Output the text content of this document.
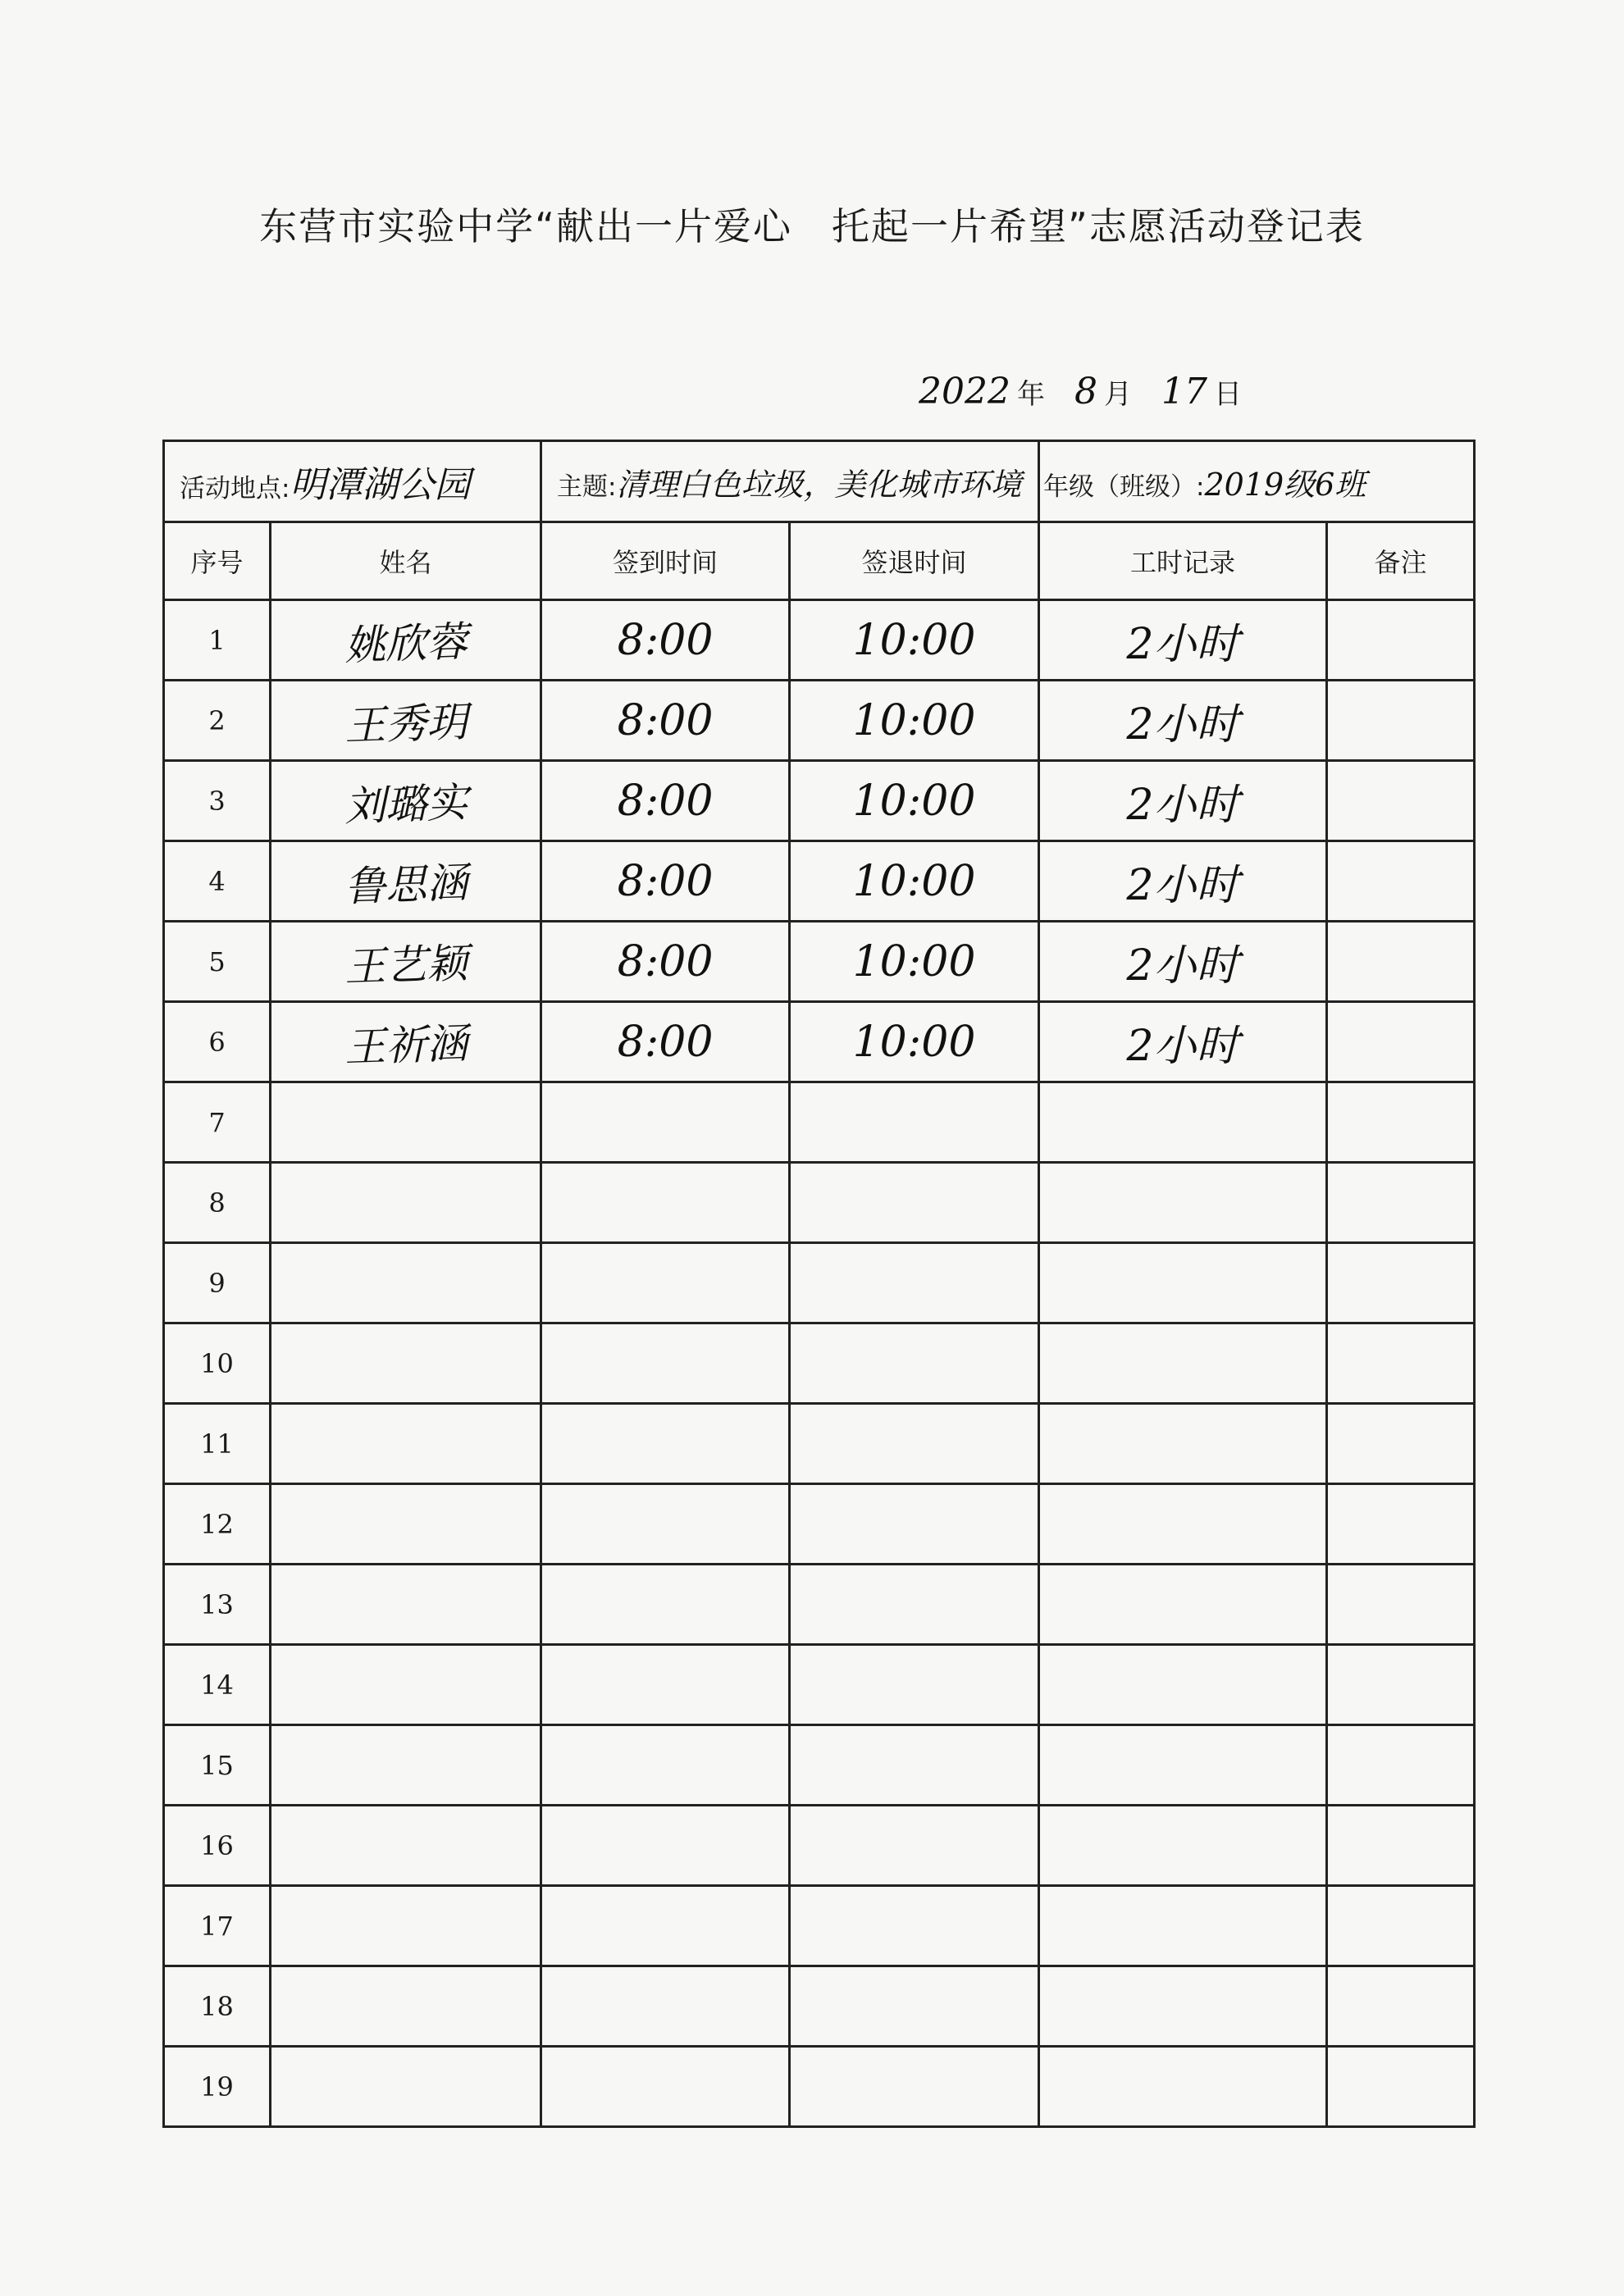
东营市实验中学“献出一片爱心　托起一片希望”志愿活动登记表
2022 年 8 月 17 日
活动地点:明潭湖公园		主题:清理白色垃圾，美化城市环境		年级（班级）:2019级6班	
序号	姓名	签到时间	签退时间	工时记录	备注
1	姚欣蓉	8:00	10:00	2小时	
2	王秀玥	8:00	10:00	2小时	
3	刘璐实	8:00	10:00	2小时	
4	鲁思涵	8:00	10:00	2小时	
5	王艺颖	8:00	10:00	2小时	
6	王祈涵	8:00	10:00	2小时	
7					
8					
9					
10					
11					
12					
13					
14					
15					
16					
17					
18					
19					
